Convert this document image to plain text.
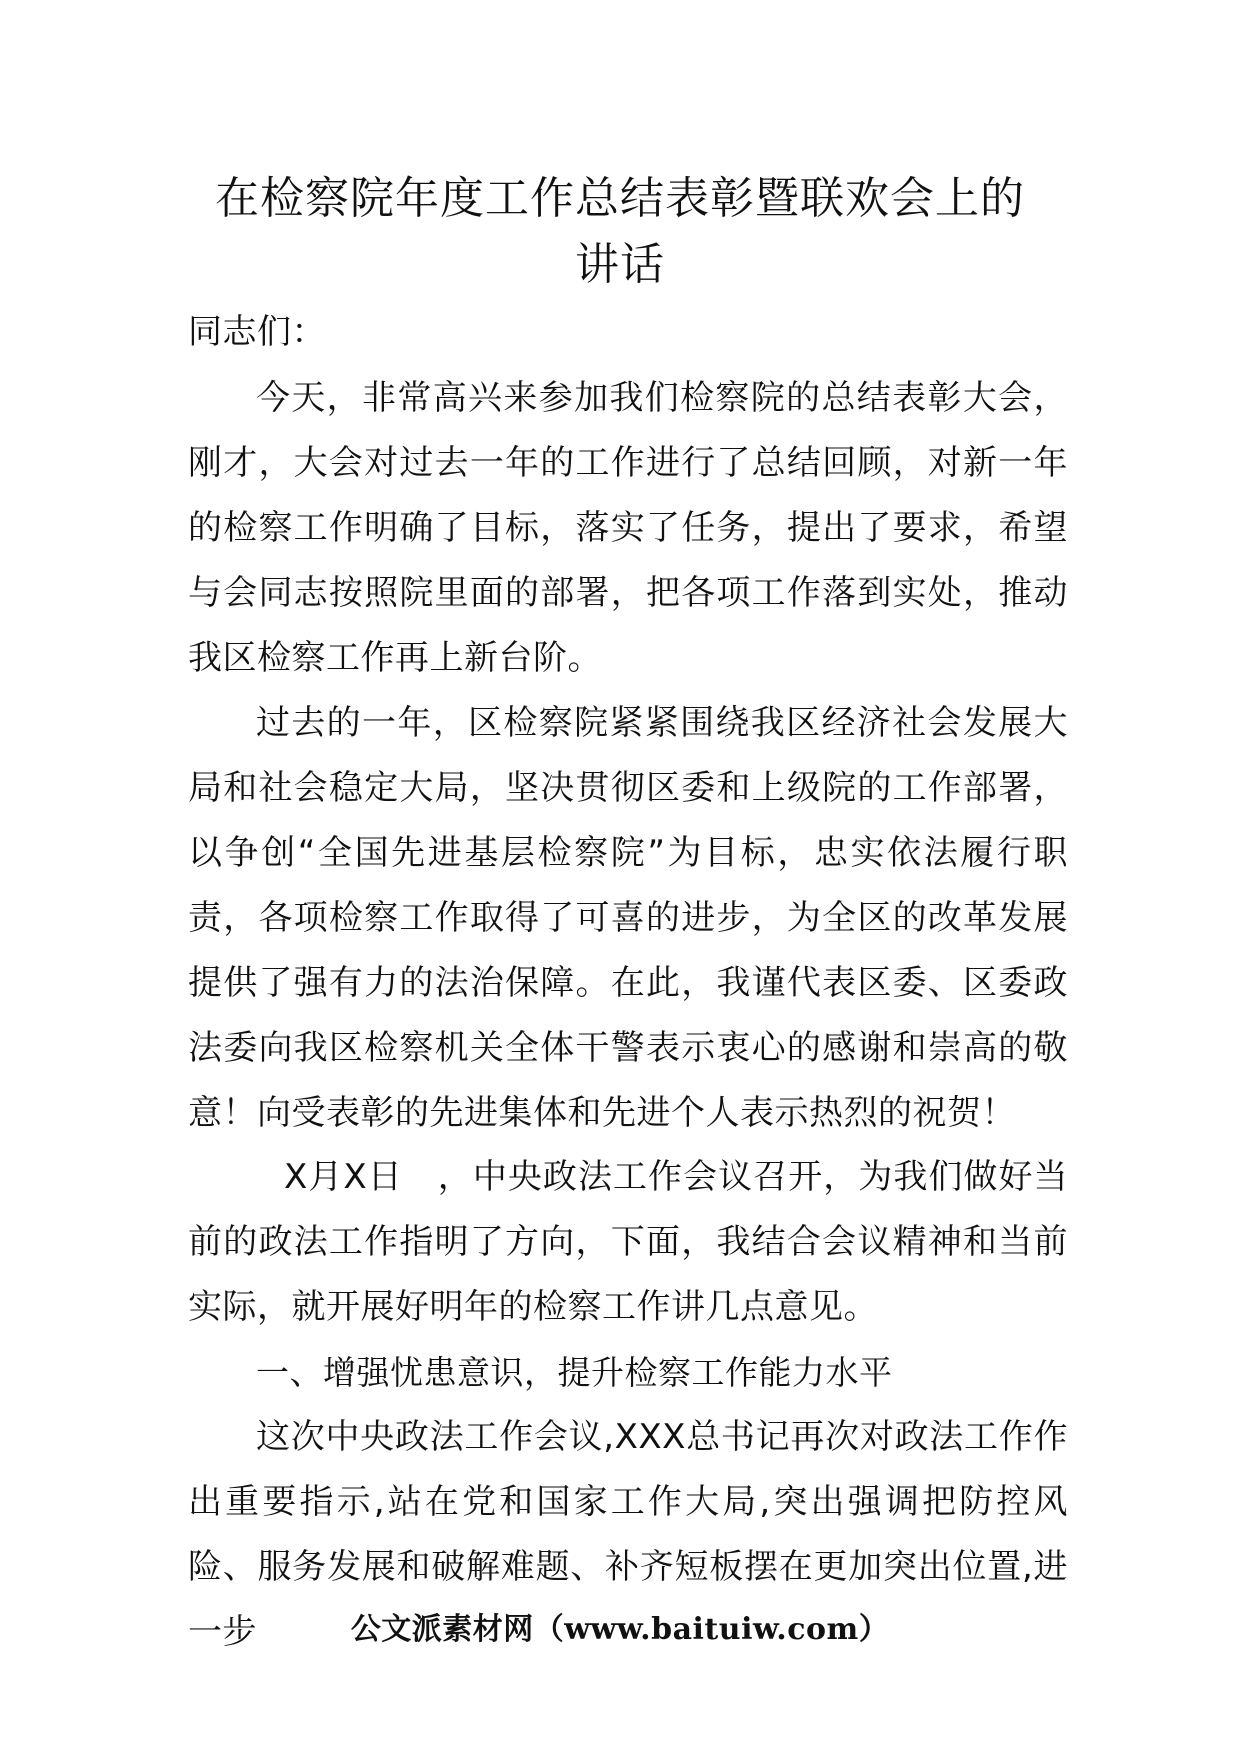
在检察院年度工作总结表彰暨联欢会上的
讲话

同志们：

今天，非常高兴来参加我们检察院的总结表彰大会，刚才，大会对过去一年的工作进行了总结回顾，对新一年的检察工作明确了目标，落实了任务，提出了要求，希望与会同志按照院里面的部署，把各项工作落到实处，推动我区检察工作再上新台阶。

过去的一年，区检察院紧紧围绕我区经济社会发展大局和社会稳定大局，坚决贯彻区委和上级院的工作部署，以争创“全国先进基层检察院”为目标，忠实依法履行职责，各项检察工作取得了可喜的进步，为全区的改革发展提供了强有力的法治保障。在此，我谨代表区委、区委政法委向我区检察机关全体干警表示衷心的感谢和崇高的敬意！向受表彰的先进集体和先进个人表示热烈的祝贺！

X月X日　，中央政法工作会议召开，为我们做好当前的政法工作指明了方向，下面，我结合会议精神和当前实际，就开展好明年的检察工作讲几点意见。

一、增强忧患意识，提升检察工作能力水平

这次中央政法工作会议,XXX总书记再次对政法工作作出重要指示,站在党和国家工作大局,突出强调把防控风险、服务发展和破解难题、补齐短板摆在更加突出位置,进一步	公文派素材网（www.baituiw.com）
